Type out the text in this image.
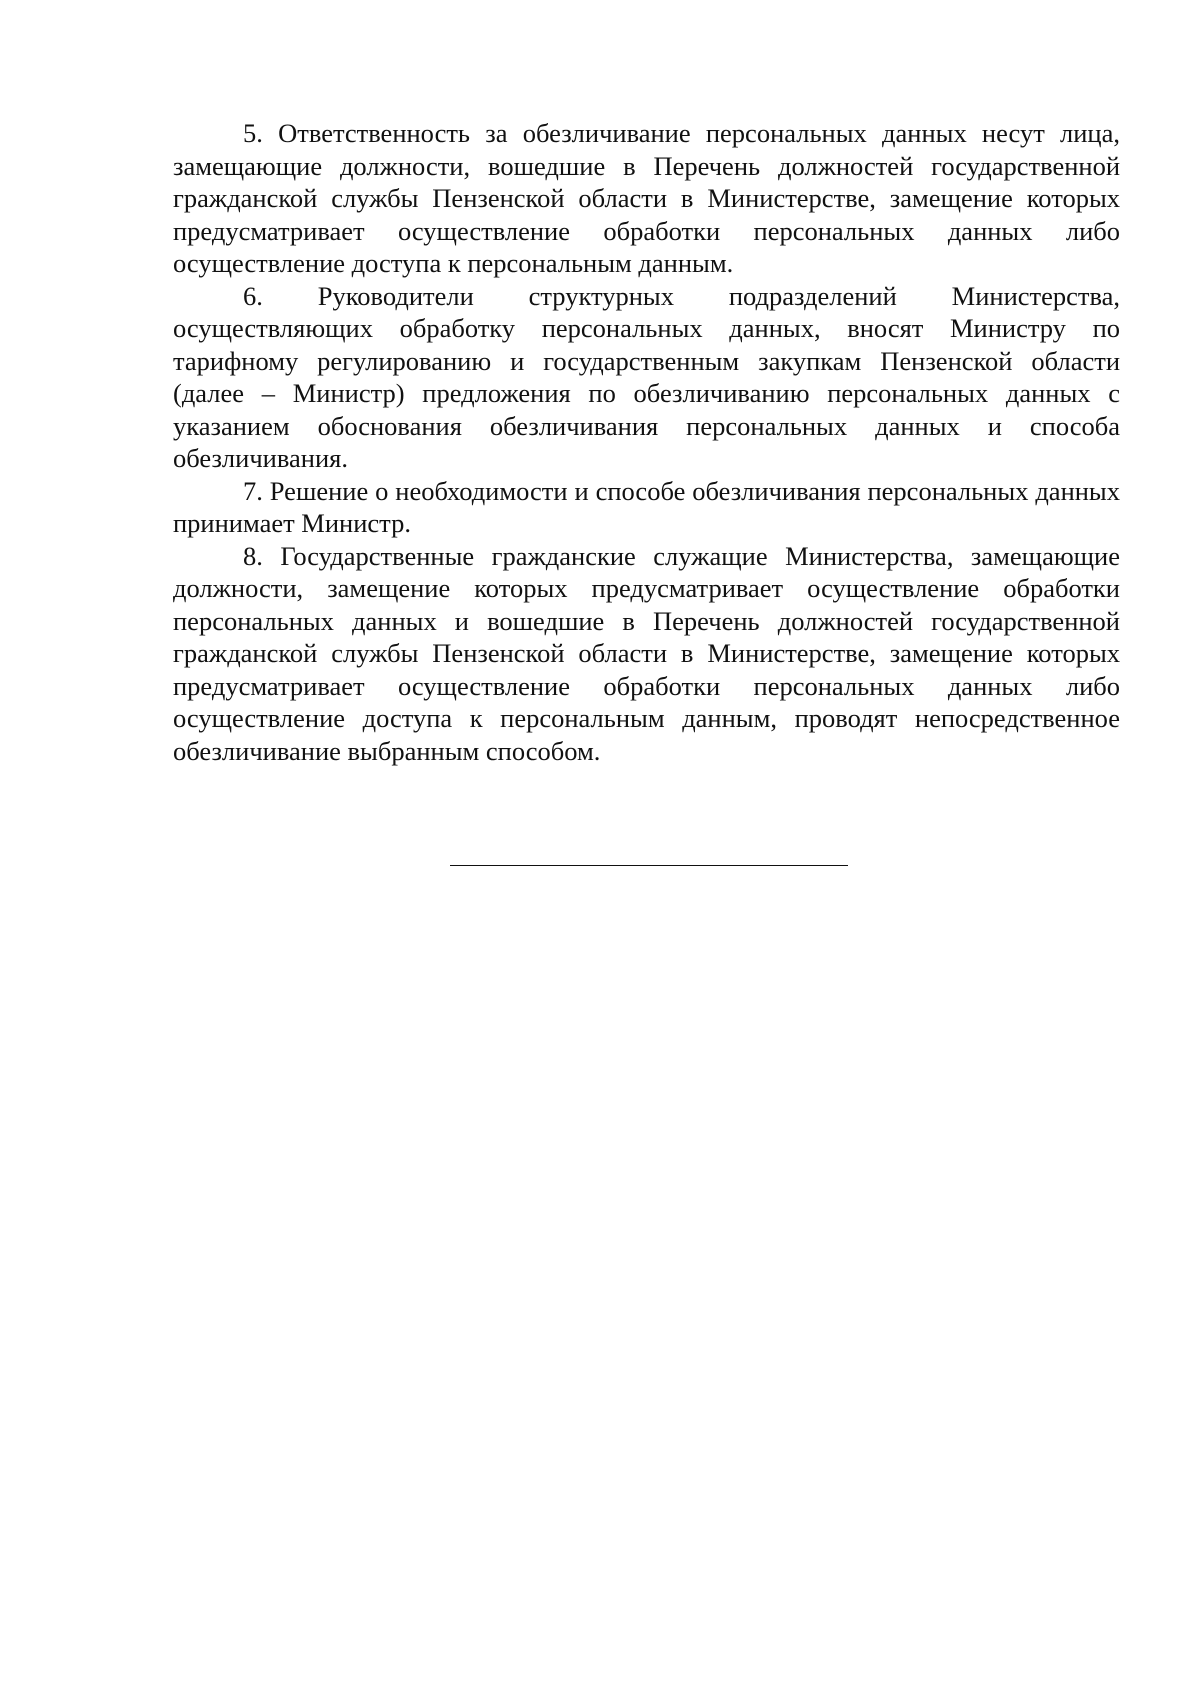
5. Ответственность за обезличивание персональных данных несут лица, замещающие должности, вошедшие в Перечень должностей государственной гражданской службы Пензенской области в Министерстве, замещение которых предусматривает осуществление обработки персональных данных либо осуществление доступа к персональным данным.

6. Руководители структурных подразделений Министерства, осуществляющих обработку персональных данных, вносят Министру по тарифному регулированию и государственным закупкам Пензенской области (далее – Министр) предложения по обезличиванию персональных данных с указанием обоснования обезличивания персональных данных и способа обезличивания.

7. Решение о необходимости и способе обезличивания персональных данных принимает Министр.

8. Государственные гражданские служащие Министерства, замещающие должности, замещение которых предусматривает осуществление обработки персональных данных и вошедшие в Перечень должностей государственной гражданской службы Пензенской области в Министерстве, замещение которых предусматривает осуществление обработки персональных данных либо осуществление доступа к персональным данным, проводят непосредственное обезличивание выбранным способом.
